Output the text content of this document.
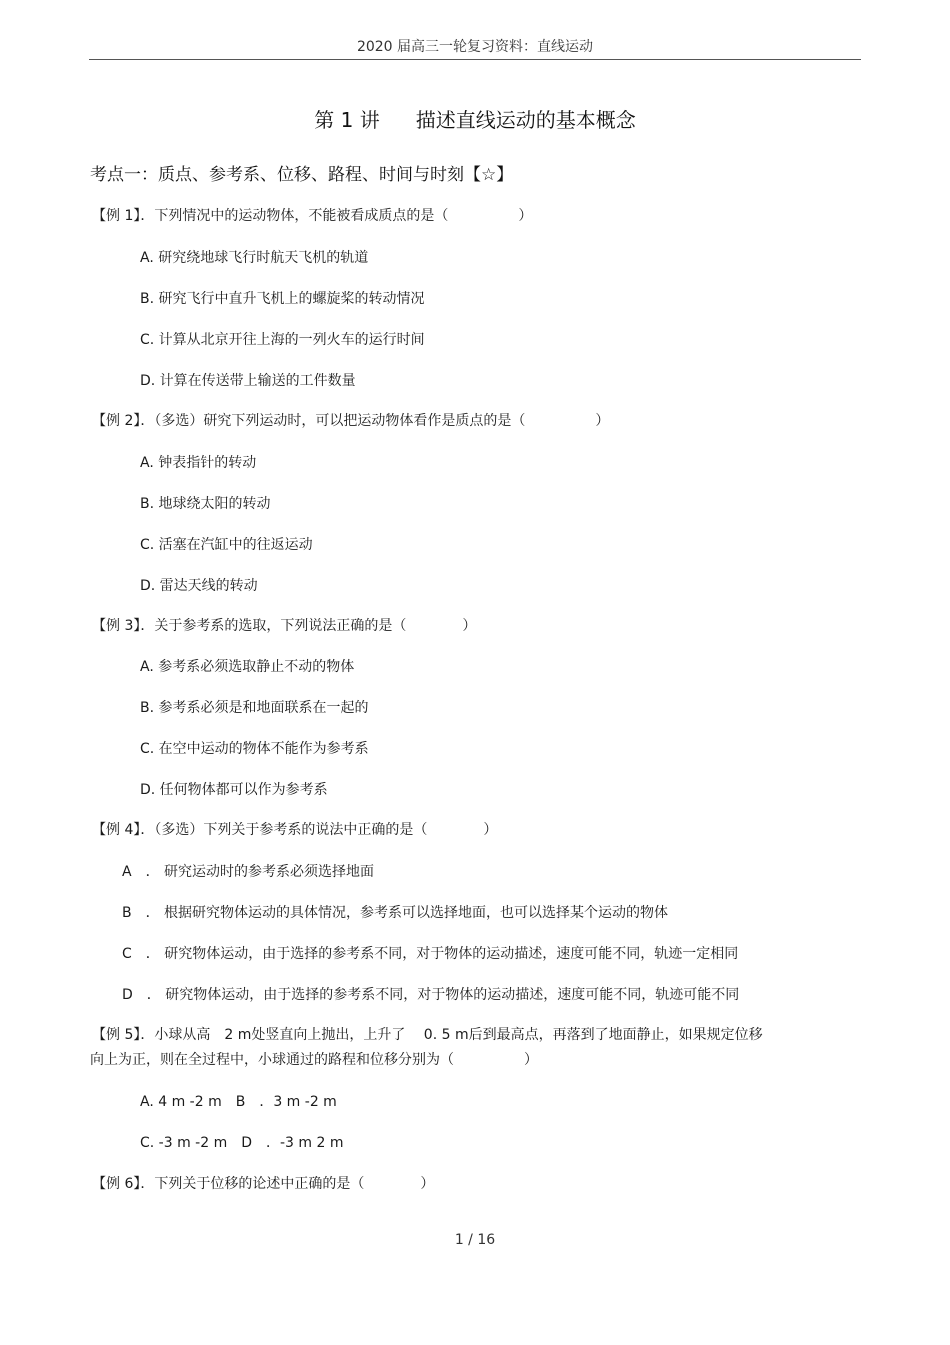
2020 届高三一轮复习资料：直线运动
第 1 讲 描述直线运动的基本概念
考点一：质点、参考系、位移、路程、时间与时刻【☆】
【例 1】．下列情况中的运动物体，不能被看成质点的是（　　　　　）
A. 研究绕地球飞行时航天飞机的轨道
B. 研究飞行中直升飞机上的螺旋桨的转动情况
C. 计算从北京开往上海的一列火车的运行时间
D. 计算在传送带上输送的工件数量
【例 2】．（多选）研究下列运动时，可以把运动物体看作是质点的是（　　　　　）
A. 钟表指针的转动
B. 地球绕太阳的转动
C. 活塞在汽缸中的往返运动
D. 雷达天线的转动
【例 3】．关于参考系的选取，下列说法正确的是（　　　　）
A. 参考系必须选取静止不动的物体
B. 参考系必须是和地面联系在一起的
C. 在空中运动的物体不能作为参考系
D. 任何物体都可以作为参考系
【例 4】．（多选）下列关于参考系的说法中正确的是（　　　　）
A　． 研究运动时的参考系必须选择地面
B　． 根据研究物体运动的具体情况，参考系可以选择地面，也可以选择某个运动的物体
C　． 研究物体运动，由于选择的参考系不同，对于物体的运动描述，速度可能不同，轨迹一定相同
D　． 研究物体运动，由于选择的参考系不同，对于物体的运动描述，速度可能不同，轨迹可能不同
【例 5】．小球从高　2 m处竖直向上抛出，上升了　 0. 5 m后到最高点，再落到了地面静止，如果规定位移
向上为正，则在全过程中，小球通过的路程和位移分别为（　　　　　）
A. 4 m -2 m　B　．3 m -2 m
C. -3 m -2 m　D　．-3 m 2 m
【例 6】．下列关于位移的论述中正确的是（　　　　）
1 / 16
